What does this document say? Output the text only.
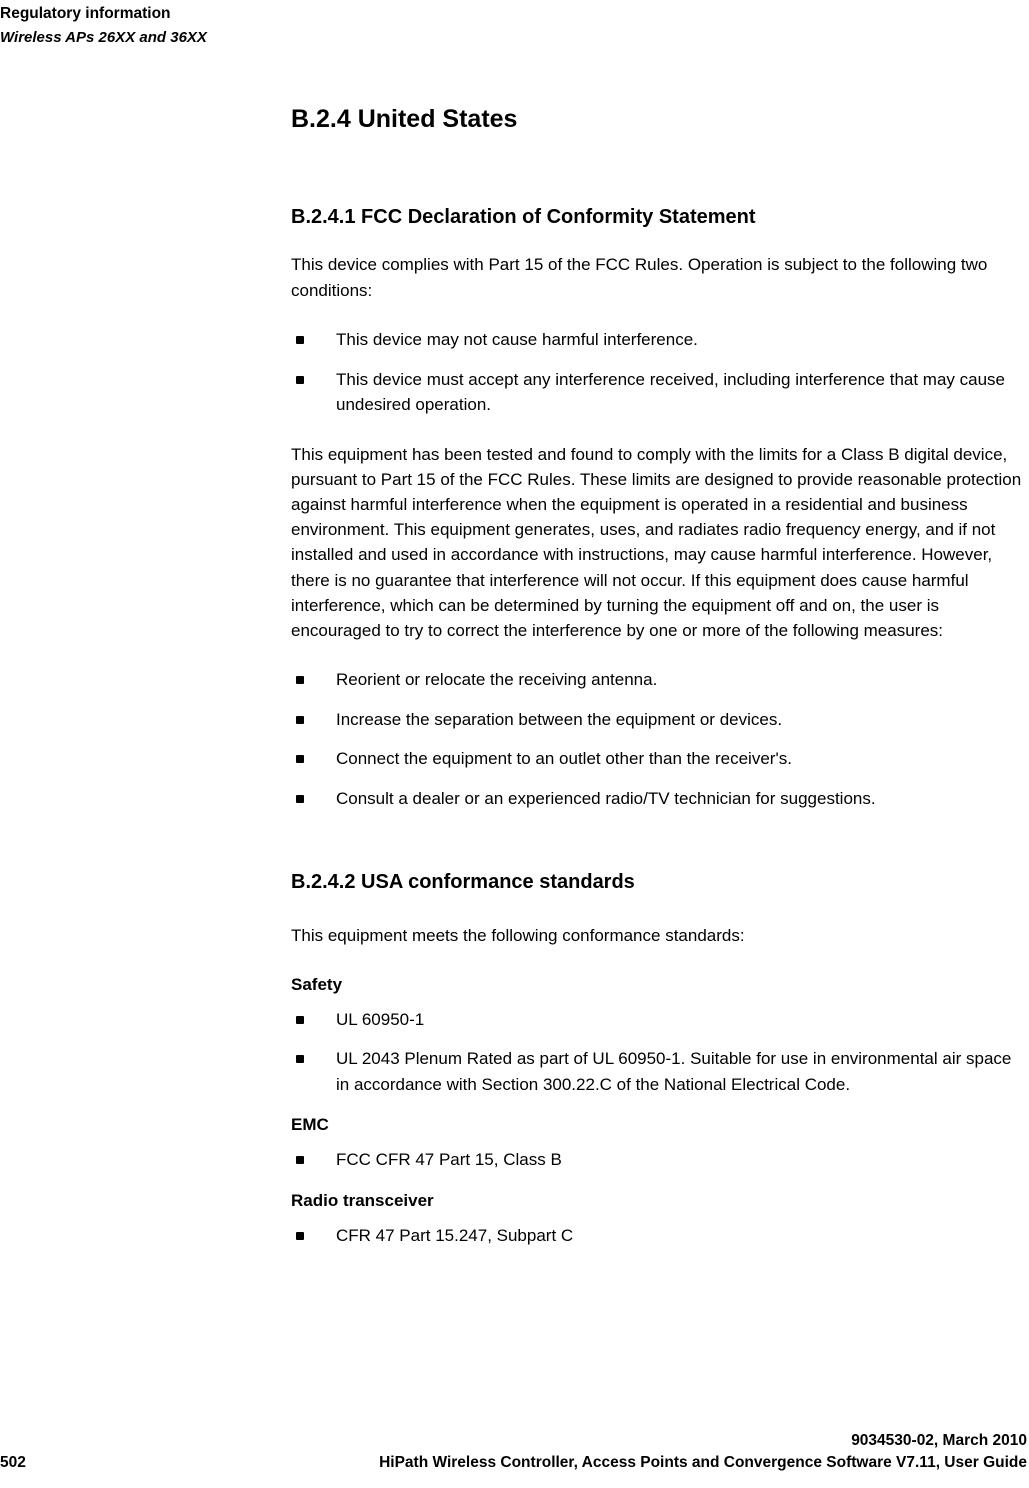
Regulatory information
Wireless APs 26XX and 36XX
B.2.4 United States
B.2.4.1 FCC Declaration of Conformity Statement

This device complies with Part 15 of the FCC Rules. Operation is subject to the following two conditions:

This device may not cause harmful interference.
This device must accept any interference received, including interference that may cause undesired operation.

This equipment has been tested and found to comply with the limits for a Class B digital device, pursuant to Part 15 of the FCC Rules. These limits are designed to provide reasonable protection against harmful interference when the equipment is operated in a residential and business environment. This equipment generates, uses, and radiates radio frequency energy, and if not installed and used in accordance with instructions, may cause harmful interference. However, there is no guarantee that interference will not occur. If this equipment does cause harmful interference, which can be determined by turning the equipment off and on, the user is encouraged to try to correct the interference by one or more of the following measures:

Reorient or relocate the receiving antenna.
Increase the separation between the equipment or devices.
Connect the equipment to an outlet other than the receiver's.
Consult a dealer or an experienced radio/TV technician for suggestions.
B.2.4.2 USA conformance standards

This equipment meets the following conformance standards:

Safety

UL 60950-1
UL 2043 Plenum Rated as part of UL 60950-1. Suitable for use in environmental air space in accordance with Section 300.22.C of the National Electrical Code.

EMC

FCC CFR 47 Part 15, Class B

Radio transceiver

CFR 47 Part 15.247, Subpart C
9034530-02, March 2010
502	HiPath Wireless Controller, Access Points and Convergence Software V7.11, User Guide
